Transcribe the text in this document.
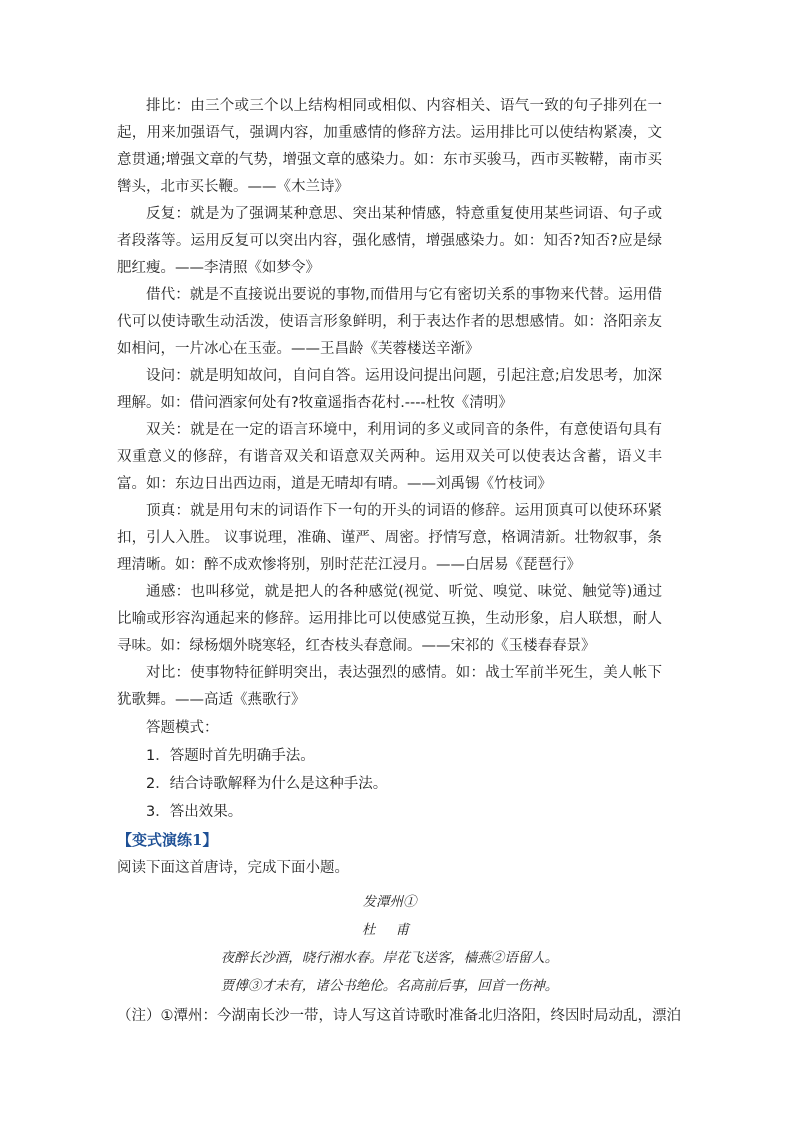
排比：由三个或三个以上结构相同或相似、内容相关、语气一致的句子排列在一起，用来加强语气，强调内容，加重感情的修辞方法。运用排比可以使结构紧凑，文意贯通;增强文章的气势，增强文章的感染力。如：东市买骏马，西市买鞍鞯，南市买辔头，北市买长鞭。——《木兰诗》

反复：就是为了强调某种意思、突出某种情感，特意重复使用某些词语、句子或者段落等。运用反复可以突出内容，强化感情，增强感染力。如：知否?知否?应是绿肥红瘦。——李清照《如梦令》

借代：就是不直接说出要说的事物,而借用与它有密切关系的事物来代替。运用借代可以使诗歌生动活泼，使语言形象鲜明，利于表达作者的思想感情。如：洛阳亲友如相问，一片冰心在玉壶。——王昌龄《芙蓉楼送辛渐》

设问：就是明知故问，自问自答。运用设问提出问题，引起注意;启发思考，加深理解。如：借问酒家何处有?牧童遥指杏花村.----杜牧《清明》

双关：就是在一定的语言环境中，利用词的多义或同音的条件，有意使语句具有双重意义的修辞，有谐音双关和语意双关两种。运用双关可以使表达含蓄，语义丰富。如：东边日出西边雨，道是无晴却有晴。——刘禹锡《竹枝词》

顶真：就是用句末的词语作下一句的开头的词语的修辞。运用顶真可以使环环紧扣，引人入胜。 议事说理，准确、谨严、周密。抒情写意，格调清新。壮物叙事，条理清晰。如：醉不成欢惨将别，别时茫茫江浸月。——白居易《琵琶行》

通感：也叫移觉，就是把人的各种感觉(视觉、听觉、嗅觉、味觉、触觉等)通过比喻或形容沟通起来的修辞。运用排比可以使感觉互换，生动形象，启人联想，耐人寻味。如：绿杨烟外晓寒轻，红杏枝头春意闹。——宋祁的《玉楼春春景》

对比：使事物特征鲜明突出，表达强烈的感情。如：战士军前半死生，美人帐下犹歌舞。——高适《燕歌行》

答题模式：

1．答题时首先明确手法。

2．结合诗歌解释为什么是这种手法。

3．答出效果。

【变式演练1】

阅读下面这首唐诗，完成下面小题。

发潭州①

杜 甫

夜醉长沙酒，晓行湘水春。岸花飞送客，樯燕②语留人。

贾傅③才未有，诸公书绝伦。名高前后事，回首一伤神。

（注）①潭州：今湖南长沙一带，诗人写这首诗歌时准备北归洛阳，终因时局动乱，漂泊
